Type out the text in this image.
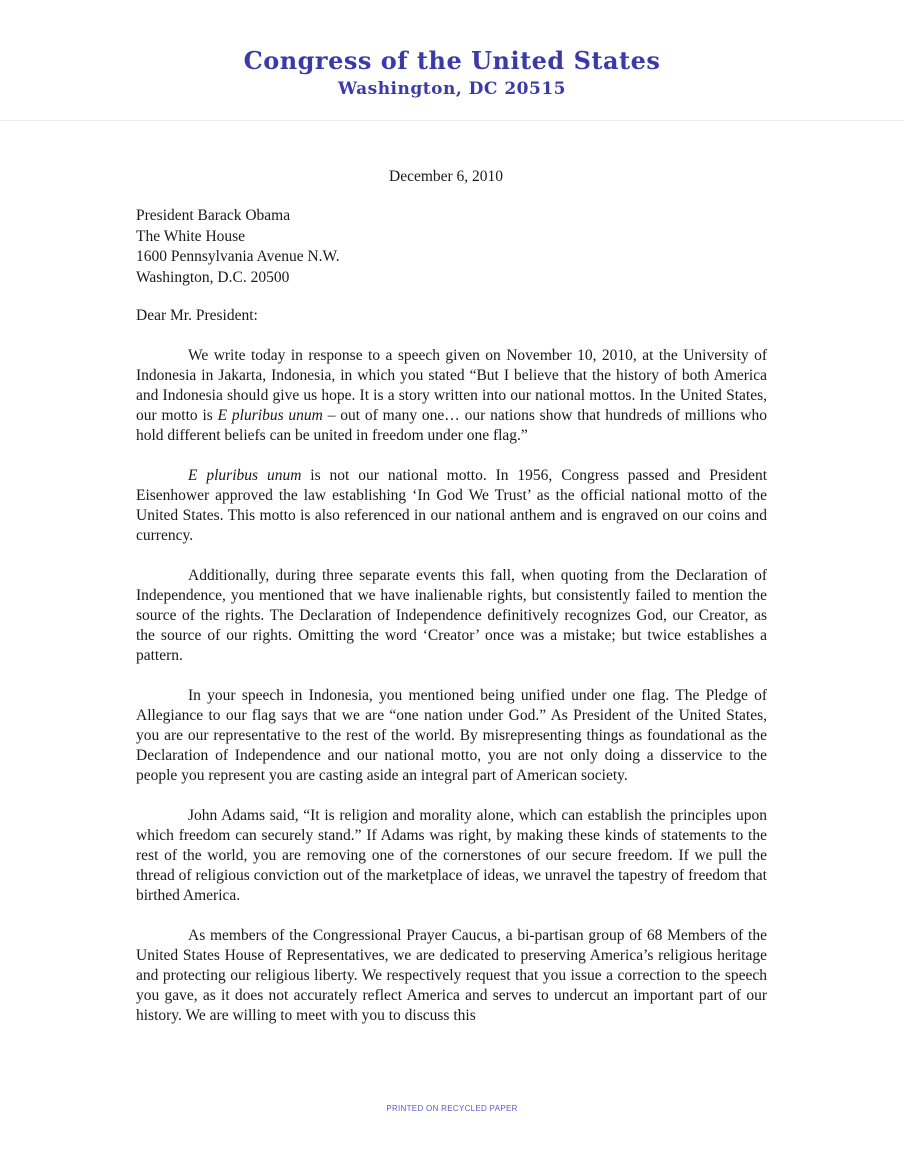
Congress of the United States
Washington, DC 20515
December 6, 2010
President Barack Obama
The White House
1600 Pennsylvania Avenue N.W.
Washington, D.C. 20500
Dear Mr. President:

We write today in response to a speech given on November 10, 2010, at the University of Indonesia in Jakarta, Indonesia, in which you stated “But I believe that the history of both America and Indonesia should give us hope. It is a story written into our national mottos. In the United States, our motto is E pluribus unum – out of many one… our nations show that hundreds of millions who hold different beliefs can be united in freedom under one flag.”

E pluribus unum is not our national motto. In 1956, Congress passed and President Eisenhower approved the law establishing ‘In God We Trust’ as the official national motto of the United States. This motto is also referenced in our national anthem and is engraved on our coins and currency.

Additionally, during three separate events this fall, when quoting from the Declaration of Independence, you mentioned that we have inalienable rights, but consistently failed to mention the source of the rights. The Declaration of Independence definitively recognizes God, our Creator, as the source of our rights. Omitting the word ‘Creator’ once was a mistake; but twice establishes a pattern.

In your speech in Indonesia, you mentioned being unified under one flag. The Pledge of Allegiance to our flag says that we are “one nation under God.” As President of the United States, you are our representative to the rest of the world. By misrepresenting things as foundational as the Declaration of Independence and our national motto, you are not only doing a disservice to the people you represent you are casting aside an integral part of American society.

John Adams said, “It is religion and morality alone, which can establish the principles upon which freedom can securely stand.” If Adams was right, by making these kinds of statements to the rest of the world, you are removing one of the cornerstones of our secure freedom. If we pull the thread of religious conviction out of the marketplace of ideas, we unravel the tapestry of freedom that birthed America.

As members of the Congressional Prayer Caucus, a bi-partisan group of 68 Members of the United States House of Representatives, we are dedicated to preserving America’s religious heritage and protecting our religious liberty. We respectively request that you issue a correction to the speech you gave, as it does not accurately reflect America and serves to undercut an important part of our history. We are willing to meet with you to discuss this

PRINTED ON RECYCLED PAPER
